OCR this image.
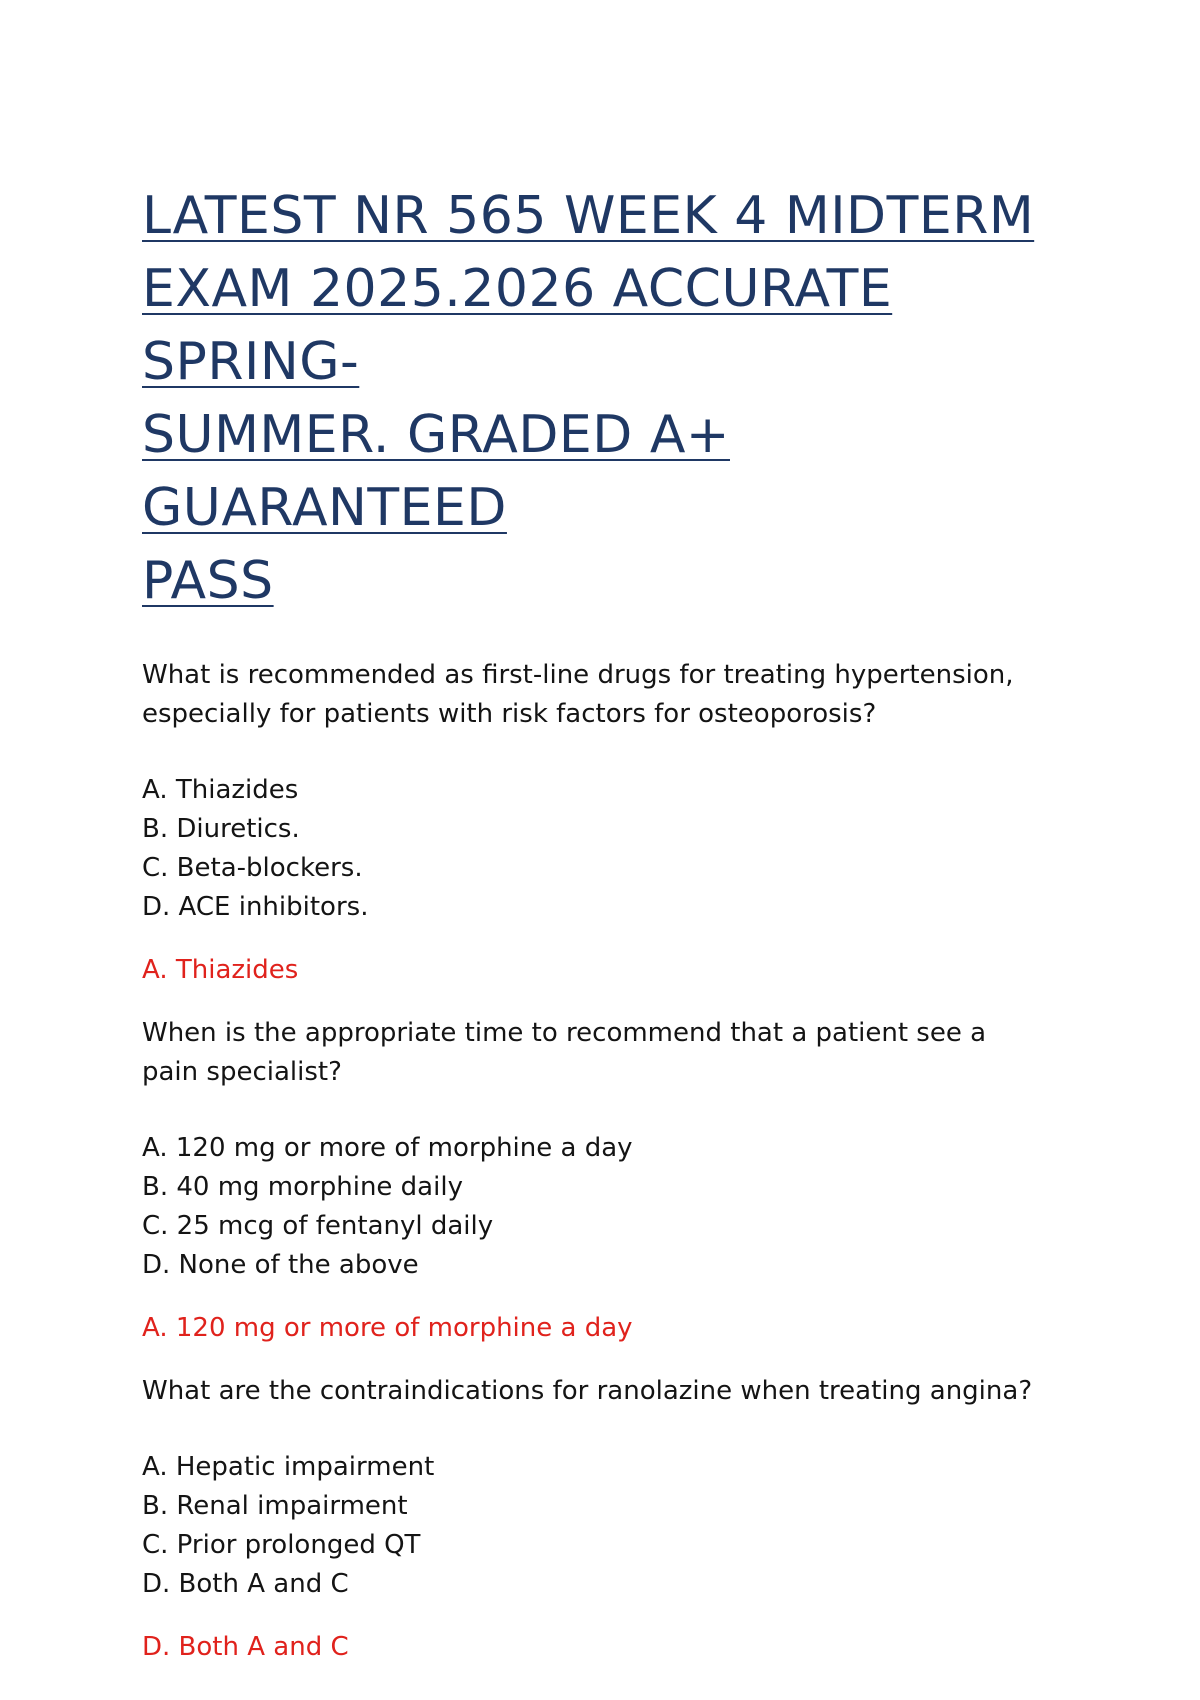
LATEST NR 565 WEEK 4 MIDTERM
EXAM 2025.2026 ACCURATE SPRING-
SUMMER. GRADED A+ GUARANTEED
PASS

What is recommended as first-line drugs for treating hypertension, especially for patients with risk factors for osteoporosis?

A. Thiazides
B. Diuretics.
C. Beta-blockers.
D. ACE inhibitors.

A. Thiazides

When is the appropriate time to recommend that a patient see a pain specialist?

A. 120 mg or more of morphine a day
B. 40 mg morphine daily
C. 25 mcg of fentanyl daily
D. None of the above

A. 120 mg or more of morphine a day

What are the contraindications for ranolazine when treating angina?

A. Hepatic impairment
B. Renal impairment
C. Prior prolonged QT
D. Both A and C

D. Both A and C
